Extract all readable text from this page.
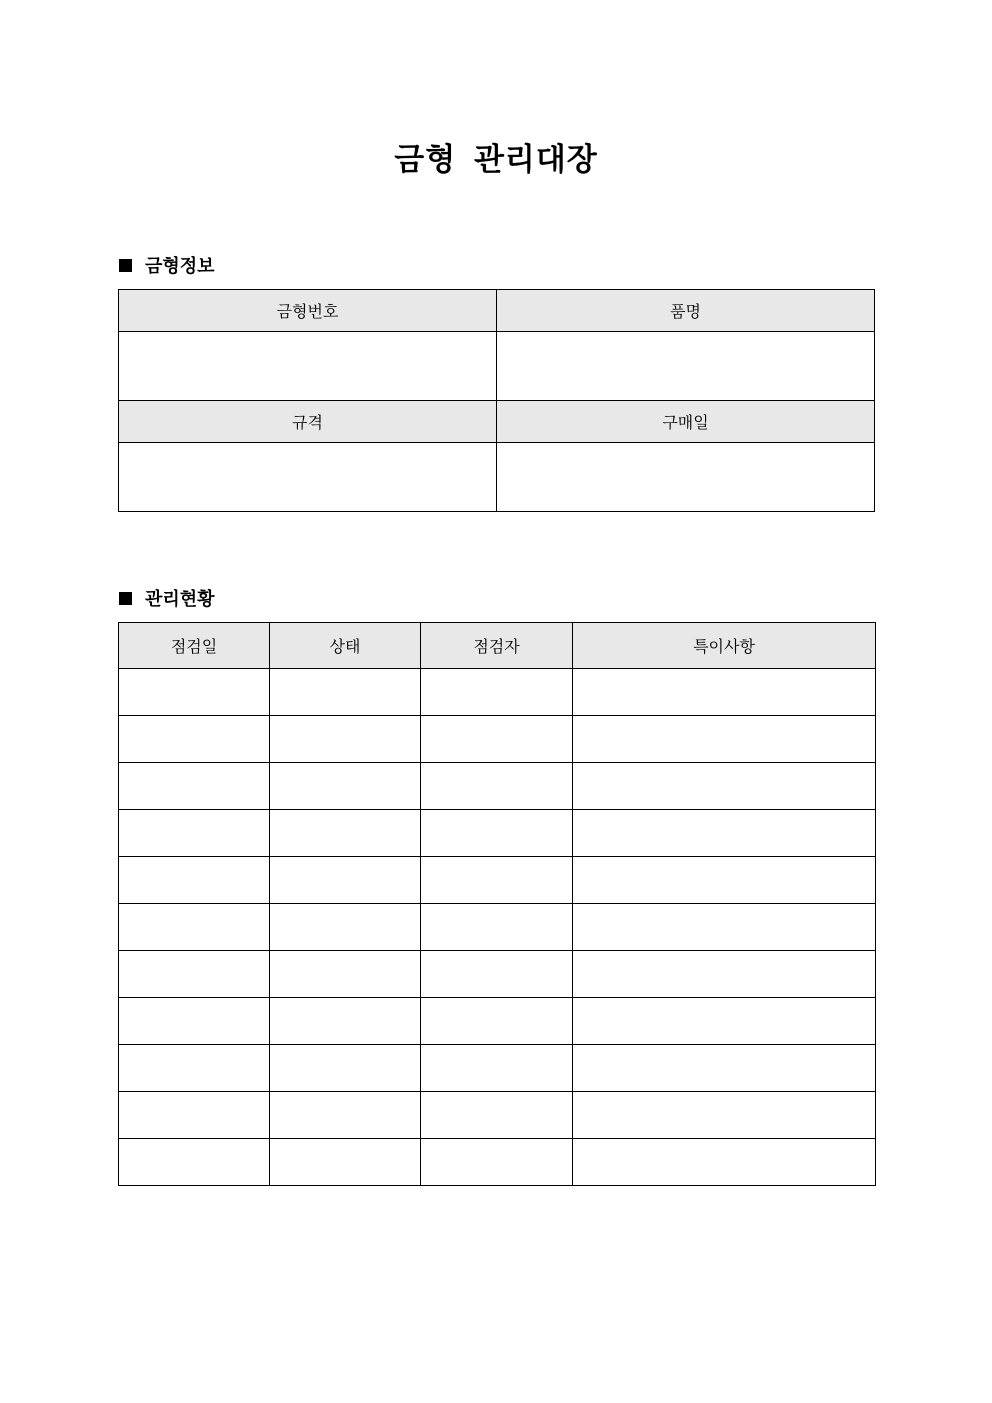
금형 관리대장
금형정보
금형번호	품명

규격	구매일

관리현황
점검일	상태	점검자	특이사항
